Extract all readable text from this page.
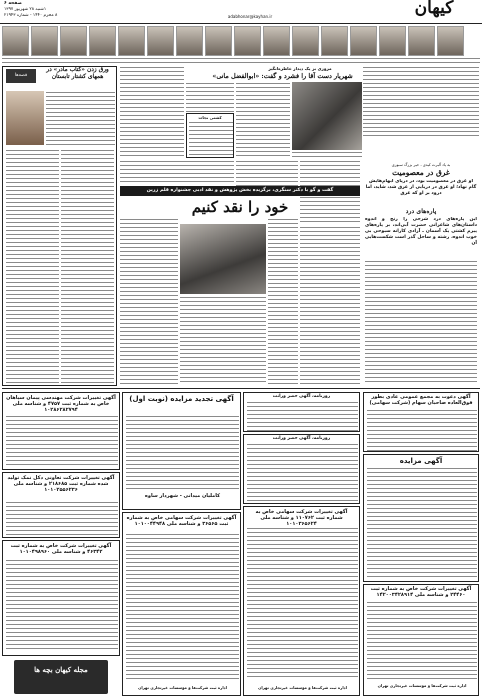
صفحه ۶
۱شنبه ۲۸ شهریور ۱۳۹۷
۸ محرم ۱۴۴۰ - شماره ۲۱۹۴۳	کیهان
adabhonar@kayhan.ir
مروری بر یک دیدار خاطره‌انگیز
شهریار دست آقا را فشرد و گفت: «ابوالفضل مانی»
کشتی نجات
قصه‌ها
ورق زدن «کتاب مادر» در همهای کشتار تابستان
به یاد آلبرت کیدی ، خیر بزرگ سبوری
غرق در معصومیت
او غرق در معصومیت بود، در دریای ابهام‌هایش گام نهاد؛ او غرق در دریایی از عرق شد، شاید، اما درود بر او که غرق
پاره‌های درد
این پاره‌های درد شرحی را رنج و اندوه داستان‌های شاعرانی حضرت آبی‌اند، بر پاره‌های پیرم کشتی یک آسمان ـ آزادی کارانه سبوحی بی خوب اندوه، رشته و ساحل گذر است شکست‌هایی آن
گفت و گو با دکتر سنگری، برگزیده بخش پژوهش و نقد ادبی جشنواره قلم زرین
خود را نقد کنیم
آگهی دعوت به مجمع عمومی عادی بطور فوق‌العاده صاحبان سهام (شرکت سهامی)
آگهی مزایده
آگهی تغییرات شرکت خاص به شماره ثبت ۲۴۴۶۰ و شناسه ملی ۱۴۲۰۰۳۴۲۸۹۱۴
اداره ثبت شرکت‌ها و موسسات غیرتجاری تهران
روزنامه، آگهی حصر وراثت
روزنامه، آگهی حصر وراثت
آگهی تغییرات شرکت سهامی خاص به شماره ثبت ۱۱۰۷۶۲ و شناسه ملی ۱۰۱۰۳۶۵۶۲۴
اداره ثبت شرکت‌ها و موسسات غیرتجاری تهران
آگهی تجدید مزایده (نوبت اول)
کاملیان میدانی - شهردار ساوه
آگهی تغییرات شرکت سهامی خاص به شماره ثبت ۳۶۵۶۵ و شناسه ملی ۱۰۱۰۰۴۴۹۴۸
اداره ثبت شرکت‌ها و موسسات غیرتجاری تهران
آگهی تغییرات شرکت مهندسی پیمان سپاهان خاص به شماره ثبت ۴۷۵۷ و شناسه ملی ۱۰۲۸۶۲۸۲۷۹۴
آگهی تغییرات شرکت تعاونی دکل نمک تولید شده شماره ثبت ۲۱۸۶۸۵ و شناسه ملی ۱۰۱۰۲۵۵۶۲۳۶
آگهی تغییرات شرکت خاص به شماره ثبت ۴۶۳۴۲ و شناسه ملی ۱۰۱۰۴۹۸۹۶۰
مجله کیهان بچه ها
